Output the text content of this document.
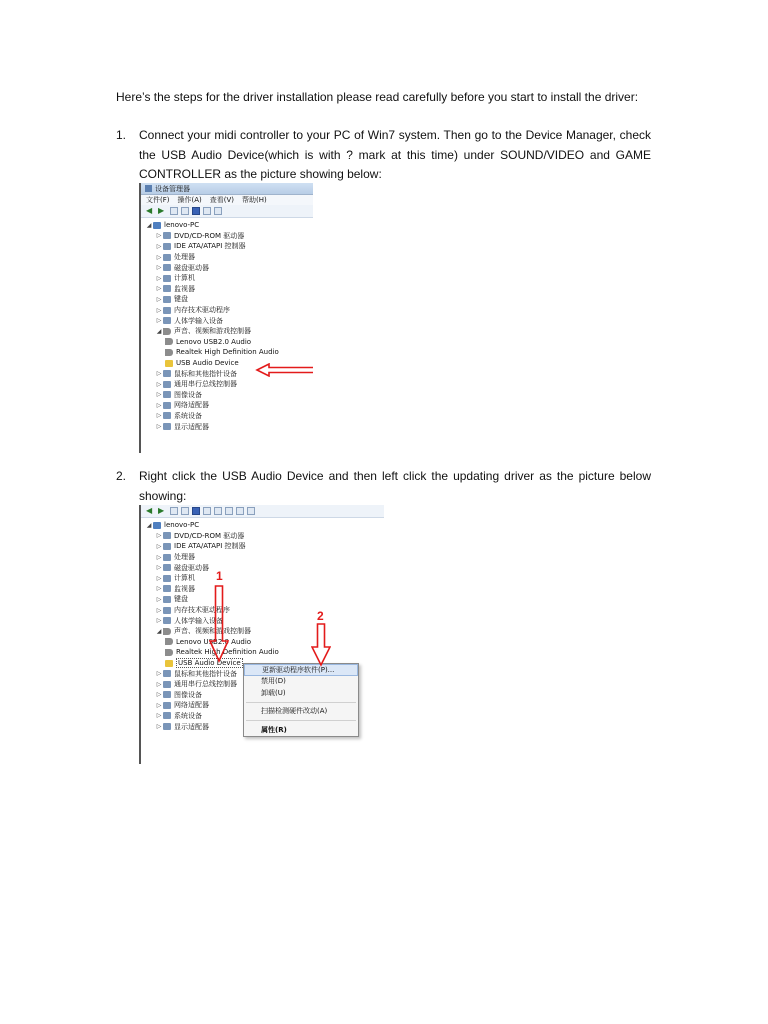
Here’s the steps for the driver installation please read carefully before you start to install the driver:

1. Connect your midi controller to your PC of Win7 system. Then go to the Device Manager, check the USB Audio Device(which is with ? mark at this time) under SOUND/VIDEO and GAME CONTROLLER as the picture showing below:

设备管理器
文件(F) 操作(A) 查看(V) 帮助(H)
◀ ▶
◢ lenovo-PC
▷ DVD/CD-ROM 驱动器
▷ IDE ATA/ATAPI 控制器
▷ 处理器
▷ 磁盘驱动器
▷ 计算机
▷ 监视器
▷ 键盘
▷ 内存技术驱动程序
▷ 人体学输入设备
◢ 声音、视频和游戏控制器
Lenovo USB2.0 Audio
Realtek High Definition Audio
USB Audio Device
▷ 鼠标和其他指针设备
▷ 通用串行总线控制器
▷ 图像设备
▷ 网络适配器
▷ 系统设备
▷ 显示适配器
2. Right click the USB Audio Device and then left click the updating driver as the picture below showing:

◀ ▶
◢ lenovo-PC
▷ DVD/CD-ROM 驱动器
▷ IDE ATA/ATAPI 控制器
▷ 处理器
▷ 磁盘驱动器
▷ 计算机
▷ 监视器
▷ 键盘
▷ 内存技术驱动程序
▷ 人体学输入设备
◢ 声音、视频和游戏控制器
Lenovo USB2.0 Audio
Realtek High Definition Audio
USB Audio Device
▷ 鼠标和其他指针设备
▷ 通用串行总线控制器
▷ 图像设备
▷ 网络适配器
▷ 系统设备
▷ 显示适配器
更新驱动程序软件(P)...
禁用(D)
卸载(U)
扫描检测硬件改动(A)
属性(R)
1
2
